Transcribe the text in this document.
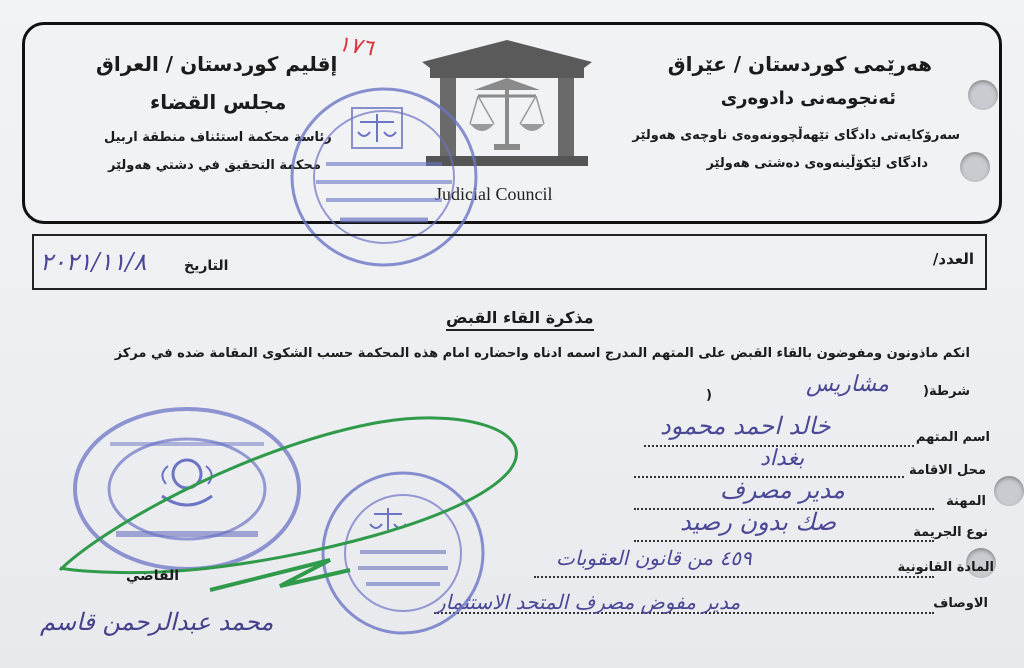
هەرێمی کوردستان / عێراق
ئەنجومەنی دادوەری
سەرۆکایەتی دادگای تێهەڵچوونەوەی ناوچەی هەولێر
دادگای لێکۆڵینەوەی دەشتی هەولێر
إقليم كوردستان / العراق
مجلس القضاء
رئاسة محكمة استئناف منطقة اربيل
محكمة التحقيق في دشتي هەولێر
Judicial Council
١٧٦
العدد/
التاريخ
٢٠٢١/١١/٨
مذكرة القاء القبض
انكم ماذونون ومفوضون بالقاء القبض على المتهم المدرج اسمه ادناه واحضاره امام هذه المحكمة حسب الشكوى المقامة ضده في مركز
شرطة(
مشاريس
)
اسم المتهم
خالد احمد محمود
محل الاقامة
بغداد
المهنة
مدير مصرف
نوع الجريمة
صك بدون رصيد
المادة القانونية
٤٥٩ من قانون العقوبات
الاوصاف
مدير مفوض مصرف المتحد الاستثمار
القاضي
محمد عبدالرحمن قاسم
